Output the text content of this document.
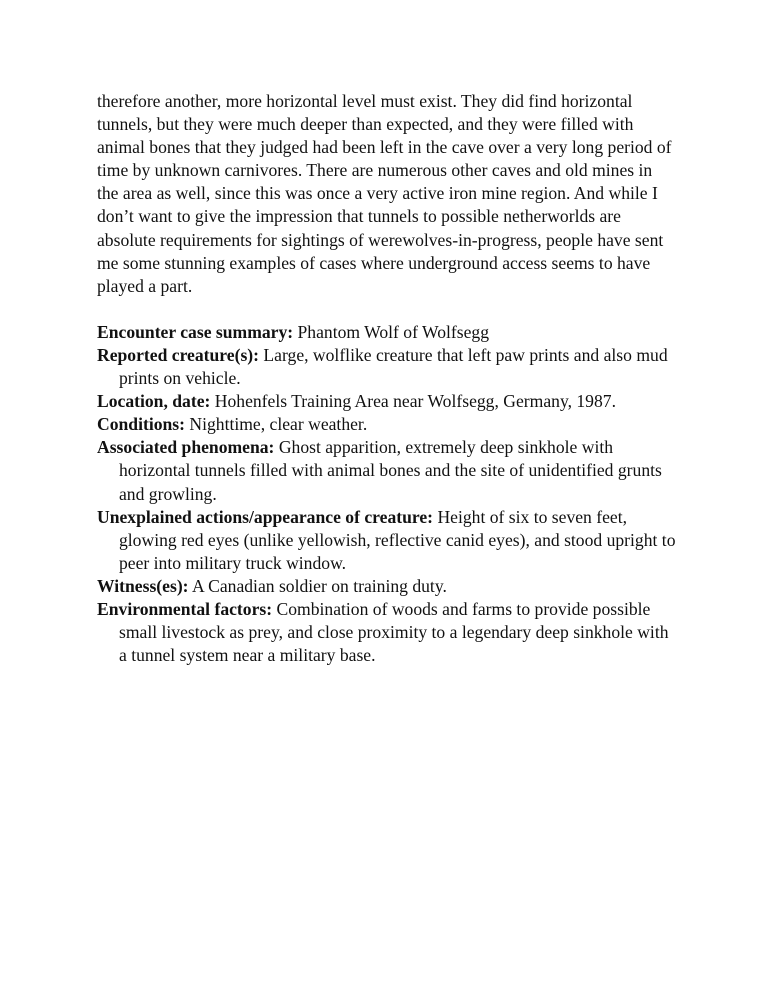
therefore another, more horizontal level must exist. They did find horizontal tunnels, but they were much deeper than expected, and they were filled with animal bones that they judged had been left in the cave over a very long period of time by unknown carnivores. There are numerous other caves and old mines in the area as well, since this was once a very active iron mine region. And while I don’t want to give the impression that tunnels to possible netherworlds are absolute requirements for sightings of werewolves-in-progress, people have sent me some stunning examples of cases where underground access seems to have played a part.

Encounter case summary: Phantom Wolf of Wolfsegg

Reported creature(s): Large, wolflike creature that left paw prints and also mud prints on vehicle.

Location, date: Hohenfels Training Area near Wolfsegg, Germany, 1987.

Conditions: Nighttime, clear weather.

Associated phenomena: Ghost apparition, extremely deep sinkhole with horizontal tunnels filled with animal bones and the site of unidentified grunts and growling.

Unexplained actions/appearance of creature: Height of six to seven feet, glowing red eyes (unlike yellowish, reflective canid eyes), and stood upright to peer into military truck window.

Witness(es): A Canadian soldier on training duty.

Environmental factors: Combination of woods and farms to provide possible small livestock as prey, and close proximity to a legendary deep sinkhole with a tunnel system near a military base.
